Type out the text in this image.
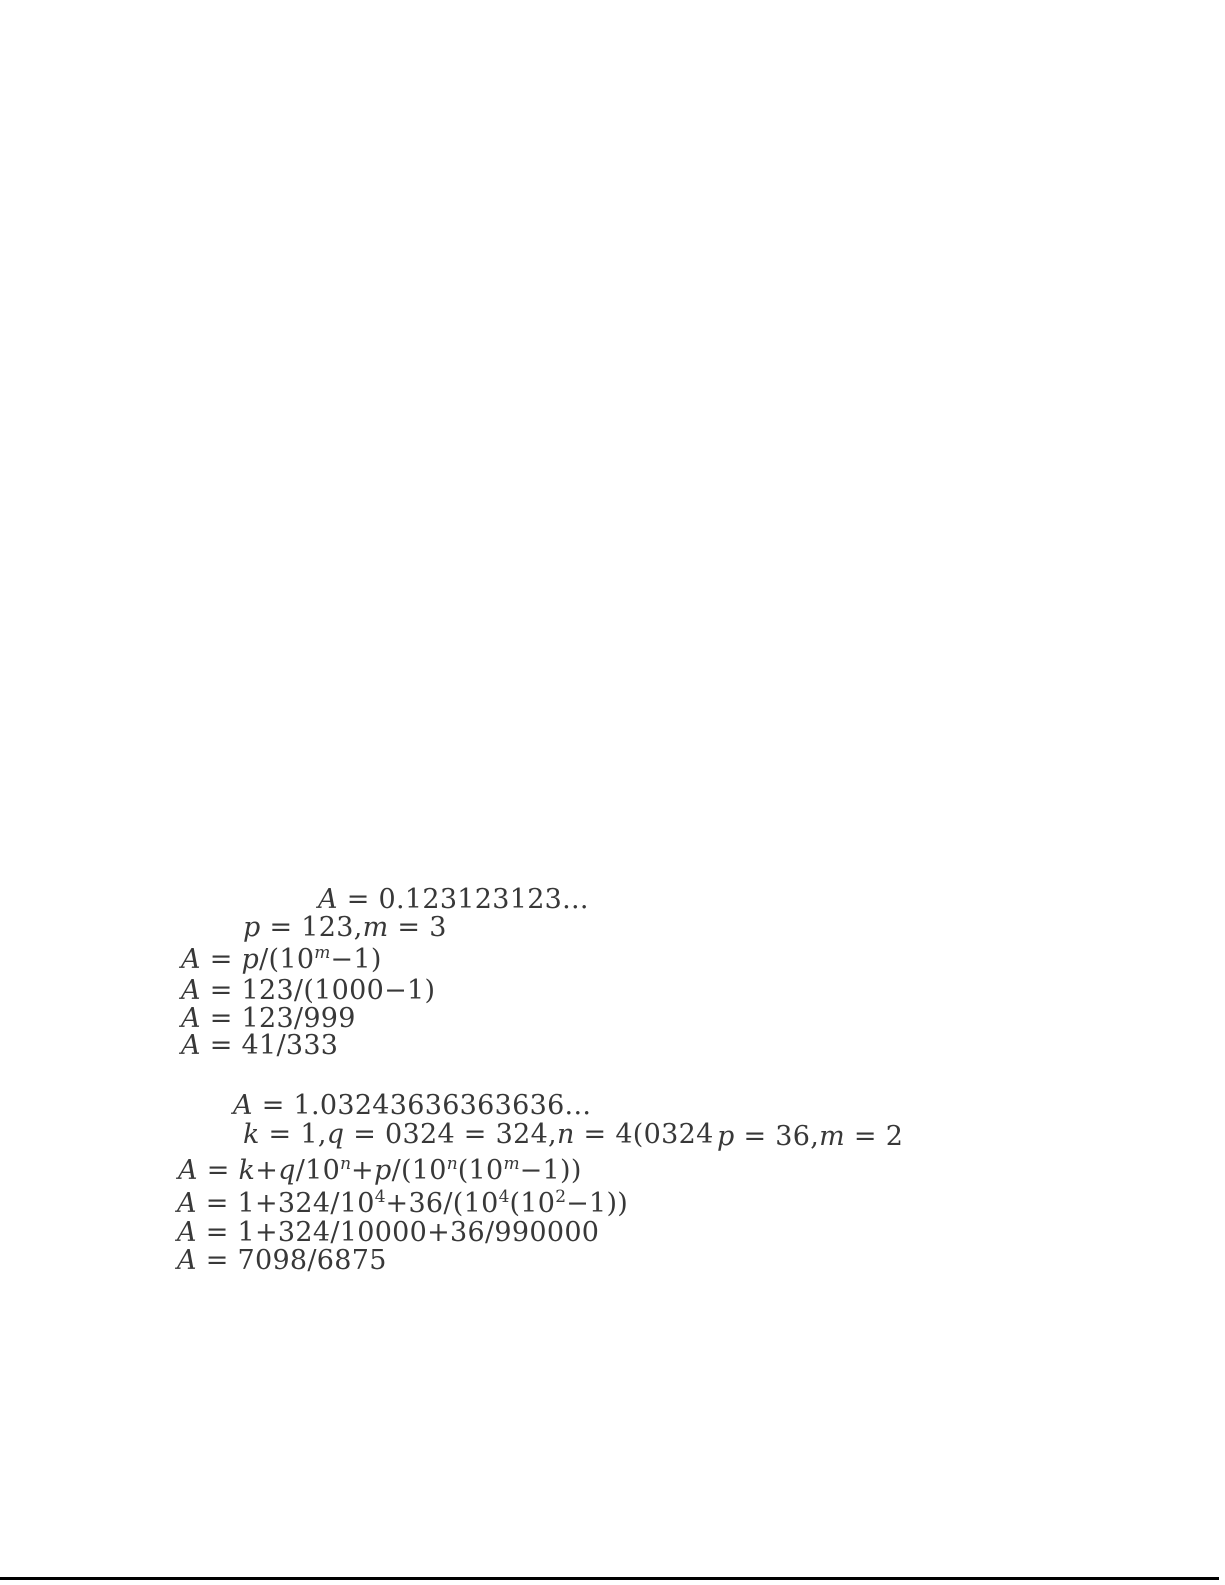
A = 0.123123123...
p = 123,m = 3
$A = p/(10^m-1)$
A = 123/(1000−1)
A = 123/999
A = 41/333
A = 1.03243636363636...
k = 1,q = 0324 = 324,n = 4(0324 p = 36,m = 2
$A = k+q/10^n+p/(10^n(10^m-1))$
$A = 1+324/10^4+36/(10^4(10^2-1))$
A = 1+324/10000+36/990000
A = 7098/6875
